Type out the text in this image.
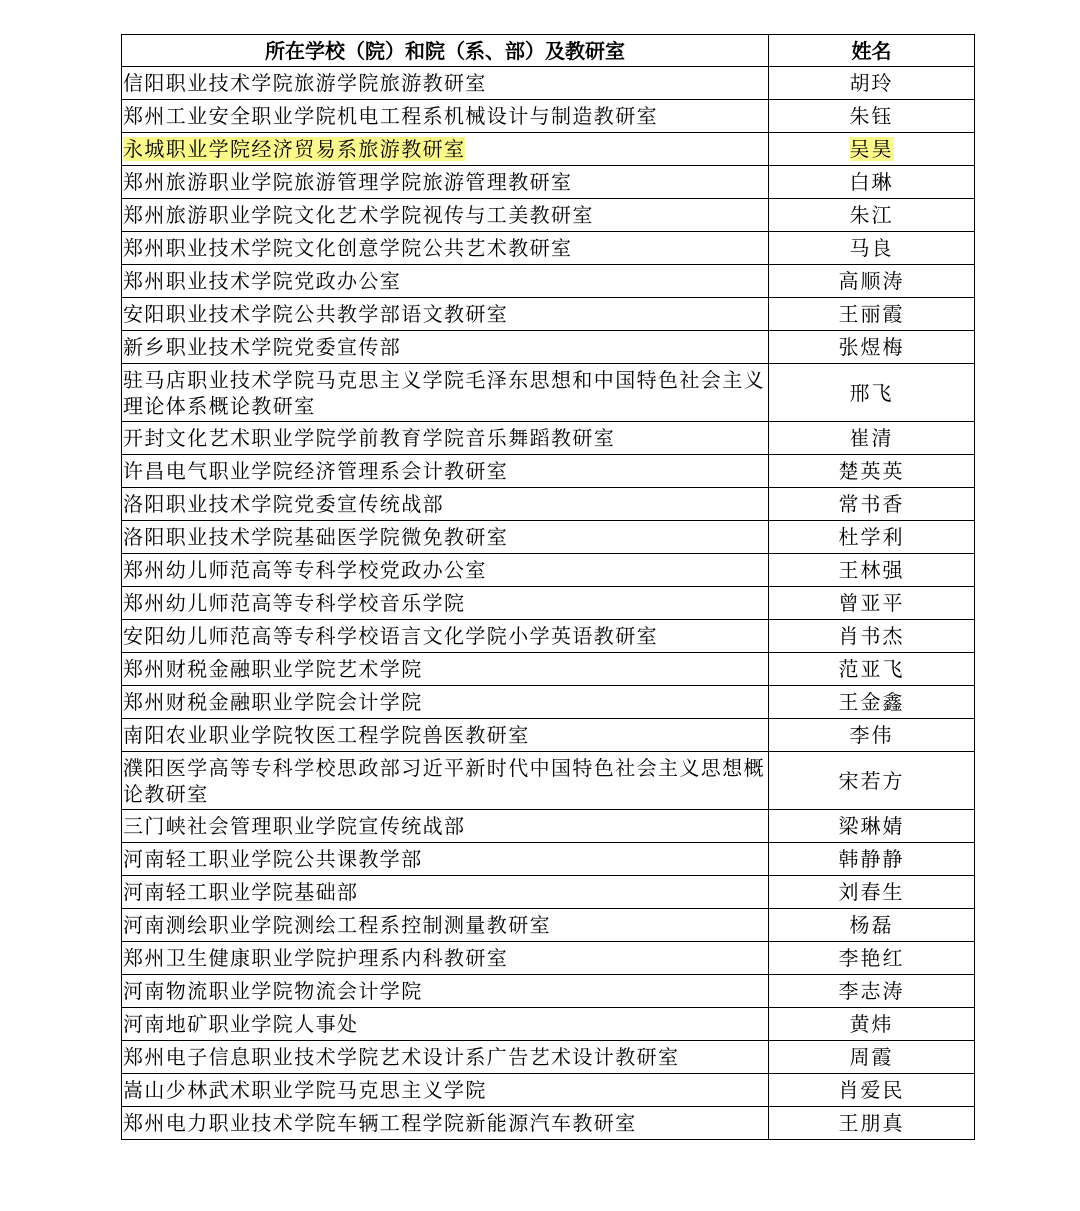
所在学校（院）和院（系、部）及教研室	姓名
信阳职业技术学院旅游学院旅游教研室	胡玲
郑州工业安全职业学院机电工程系机械设计与制造教研室	朱钰
永城职业学院经济贸易系旅游教研室	吴昊
郑州旅游职业学院旅游管理学院旅游管理教研室	白琳
郑州旅游职业学院文化艺术学院视传与工美教研室	朱江
郑州职业技术学院文化创意学院公共艺术教研室	马良
郑州职业技术学院党政办公室	高顺涛
安阳职业技术学院公共教学部语文教研室	王丽霞
新乡职业技术学院党委宣传部	张煜梅
驻马店职业技术学院马克思主义学院毛泽东思想和中国特色社会主义理论体系概论教研室	邢飞
开封文化艺术职业学院学前教育学院音乐舞蹈教研室	崔清
许昌电气职业学院经济管理系会计教研室	楚英英
洛阳职业技术学院党委宣传统战部	常书香
洛阳职业技术学院基础医学院微免教研室	杜学利
郑州幼儿师范高等专科学校党政办公室	王林强
郑州幼儿师范高等专科学校音乐学院	曾亚平
安阳幼儿师范高等专科学校语言文化学院小学英语教研室	肖书杰
郑州财税金融职业学院艺术学院	范亚飞
郑州财税金融职业学院会计学院	王金鑫
南阳农业职业学院牧医工程学院兽医教研室	李伟
濮阳医学高等专科学校思政部习近平新时代中国特色社会主义思想概论教研室	宋若方
三门峡社会管理职业学院宣传统战部	梁琳婧
河南轻工职业学院公共课教学部	韩静静
河南轻工职业学院基础部	刘春生
河南测绘职业学院测绘工程系控制测量教研室	杨磊
郑州卫生健康职业学院护理系内科教研室	李艳红
河南物流职业学院物流会计学院	李志涛
河南地矿职业学院人事处	黄炜
郑州电子信息职业技术学院艺术设计系广告艺术设计教研室	周霞
嵩山少林武术职业学院马克思主义学院	肖爱民
郑州电力职业技术学院车辆工程学院新能源汽车教研室	王朋真
